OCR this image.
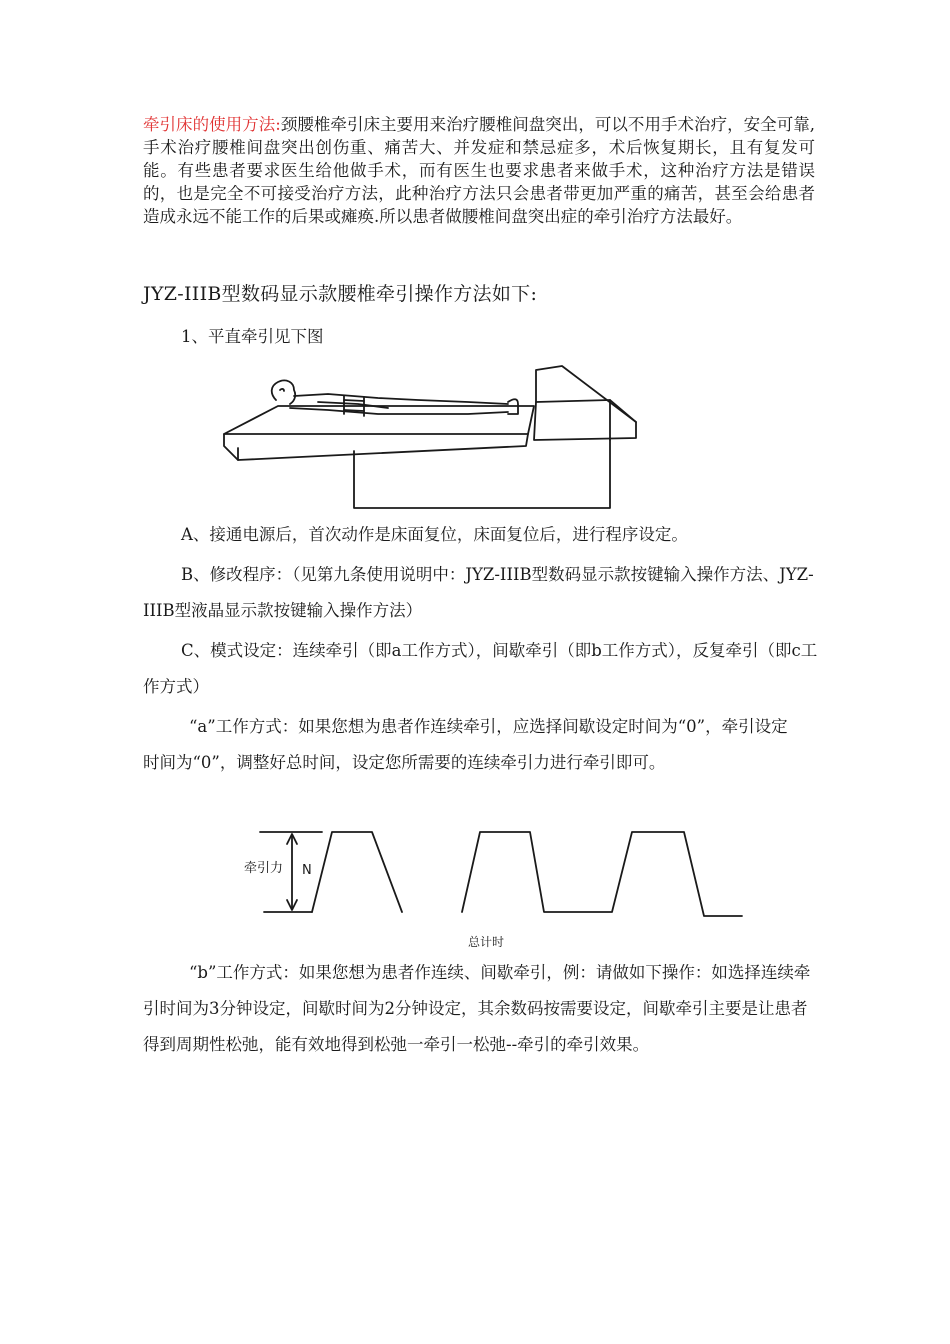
牵引床的使用方法:颈腰椎牵引床主要用来治疗腰椎间盘突出，可以不用手术治疗，安全可靠,手术治疗腰椎间盘突出创伤重、痛苦大、并发症和禁忌症多，术后恢复期长，且有复发可能。有些患者要求医生给他做手术，而有医生也要求患者来做手术，这种治疗方法是错误的，也是完全不可接受治疗方法，此种治疗方法只会患者带更加严重的痛苦，甚至会给患者造成永远不能工作的后果或瘫痪.所以患者做腰椎间盘突出症的牵引治疗方法最好。

JYZ-IIIB型数码显示款腰椎牵引操作方法如下:

1、平直牵引见下图

A、接通电源后，首次动作是床面复位，床面复位后，进行程序设定。

B、修改程序：（见第九条使用说明中：JYZ-IIIB型数码显示款按键输入操作方法、JYZ-IIIB型液晶显示款按键输入操作方法）

C、模式设定：连续牵引（即a工作方式），间歇牵引（即b工作方式），反复牵引（即c工作方式）

“a”工作方式：如果您想为患者作连续牵引，应选择间歇设定时间为“0”，牵引设定时间为“0”，调整好总时间，设定您所需要的连续牵引力进行牵引即可。

牵引力 N
总计时

“b”工作方式：如果您想为患者作连续、间歇牵引，例：请做如下操作：如选择连续牵引时间为3分钟设定，间歇时间为2分钟设定，其余数码按需要设定，间歇牵引主要是让患者得到周期性松弛，能有效地得到松弛一牵引一松弛--牵引的牵引效果。
